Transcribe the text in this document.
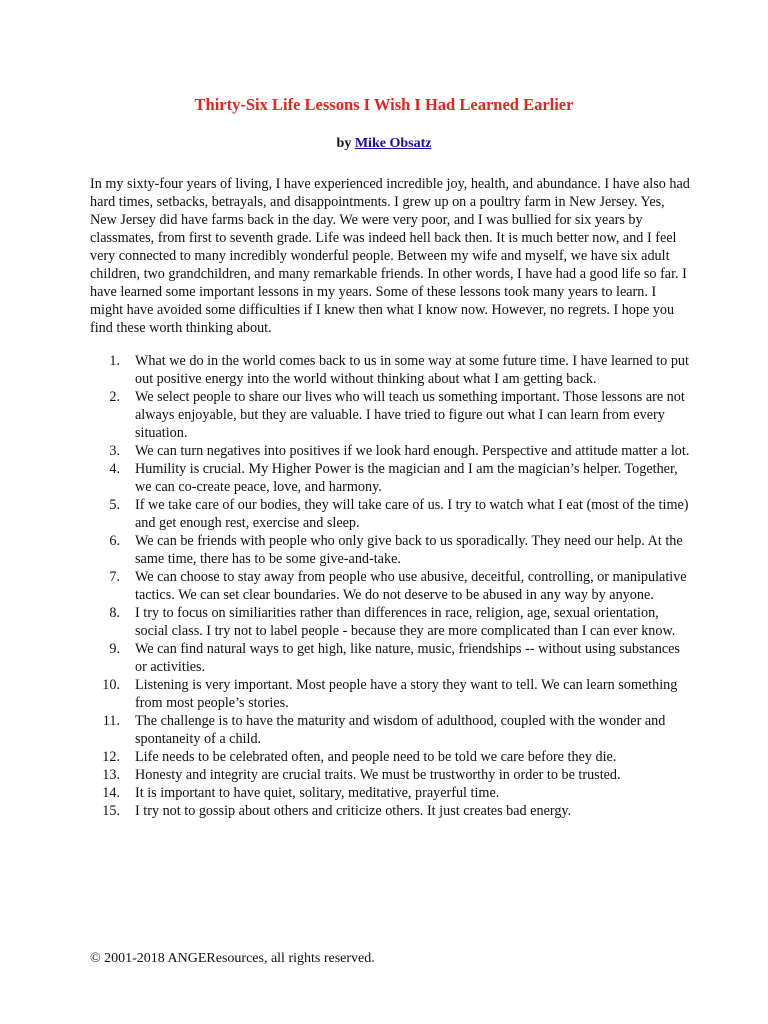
Thirty-Six Life Lessons I Wish I Had Learned Earlier
by Mike Obsatz

In my sixty-four years of living, I have experienced incredible joy, health, and abundance. I have also had hard times, setbacks, betrayals, and disappointments. I grew up on a poultry farm in New Jersey. Yes, New Jersey did have farms back in the day. We were very poor, and I was bullied for six years by classmates, from first to seventh grade. Life was indeed hell back then. It is much better now, and I feel very connected to many incredibly wonderful people. Between my wife and myself, we have six adult children, two grandchildren, and many remarkable friends. In other words, I have had a good life so far. I have learned some important lessons in my years. Some of these lessons took many years to learn. I might have avoided some difficulties if I knew then what I know now. However, no regrets. I hope you find these worth thinking about.

1. What we do in the world comes back to us in some way at some future time. I have learned to put out positive energy into the world without thinking about what I am getting back.
2. We select people to share our lives who will teach us something important. Those lessons are not always enjoyable, but they are valuable. I have tried to figure out what I can learn from every situation.
3. We can turn negatives into positives if we look hard enough. Perspective and attitude matter a lot.
4. Humility is crucial. My Higher Power is the magician and I am the magician’s helper. Together, we can co-create peace, love, and harmony.
5. If we take care of our bodies, they will take care of us. I try to watch what I eat (most of the time) and get enough rest, exercise and sleep.
6. We can be friends with people who only give back to us sporadically. They need our help. At the same time, there has to be some give-and-take.
7. We can choose to stay away from people who use abusive, deceitful, controlling, or manipulative tactics. We can set clear boundaries. We do not deserve to be abused in any way by anyone.
8. I try to focus on similiarities rather than differences in race, religion, age, sexual orientation, social class. I try not to label people - because they are more complicated than I can ever know.
9. We can find natural ways to get high, like nature, music, friendships -- without using substances or activities.
10. Listening is very important. Most people have a story they want to tell. We can learn something from most people’s stories.
11. The challenge is to have the maturity and wisdom of adulthood, coupled with the wonder and spontaneity of a child.
12. Life needs to be celebrated often, and people need to be told we care before they die.
13. Honesty and integrity are crucial traits. We must be trustworthy in order to be trusted.
14. It is important to have quiet, solitary, meditative, prayerful time.
15. I try not to gossip about others and criticize others. It just creates bad energy.
© 2001-2018 ANGEResources, all rights reserved.
